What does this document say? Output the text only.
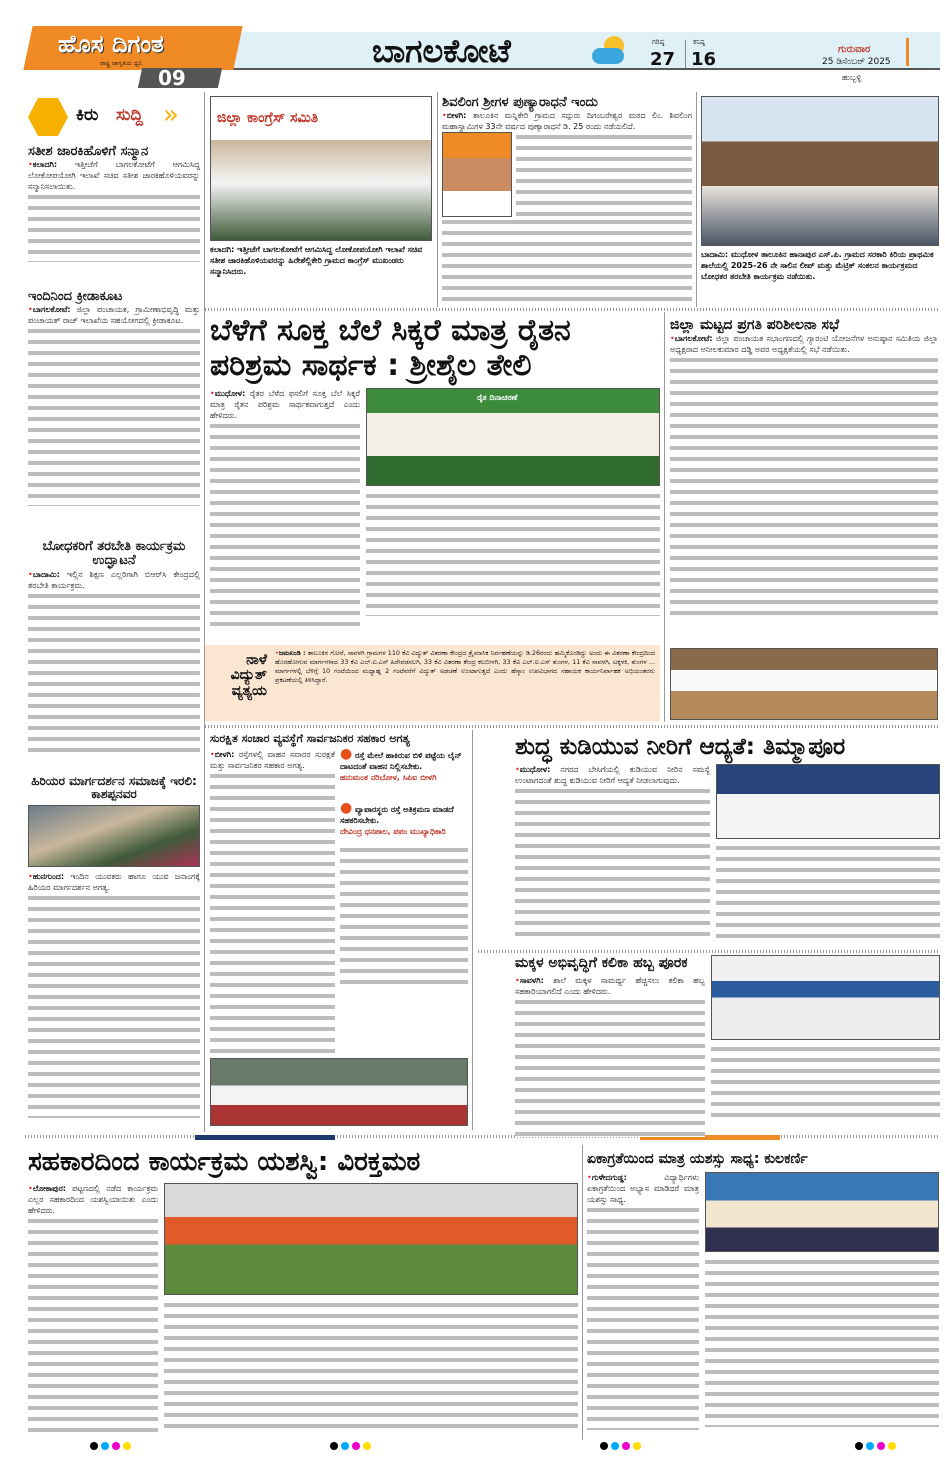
ಹೊಸ ದಿಗಂತ
ರಾಷ್ಟ್ರ ಜಾಗೃತಿಯ ಧ್ವನಿ
09
ಬಾಗಲಕೋಟೆ	ಗರಿಷ್ಠ
27
ಕನಿಷ್ಠ
16	ಗುರುವಾರ
25 ಡಿಸೆಂಬರ್ 2025
ಹುಬ್ಬಳ್ಳಿ
ಕಿರು ಸುದ್ದಿ »
ಸತೀಶ ಜಾರಕಿಹೊಳಿಗೆ ಸನ್ಮಾನ

•ಕಲಾದಗಿ: ಇತ್ತೀಚೆಗೆ ಬಾಗಲಕೋಟೆಗೆ ಆಗಮಿಸಿದ್ದ ಲೋಕೋಪಯೋಗಿ ಇಲಾಖೆ ಸಚಿವ ಸತೀಶ ಜಾರಕಿಹೊಳಿಯವರನ್ನು ಸನ್ಮಾನಿಸಲಾಯಿತು.

ಇಂದಿನಿಂದ ಕ್ರೀಡಾಕೂಟ

•ಬಾಗಲಕೋಟೆ: ಜಿಲ್ಲಾ ಪಂಚಾಯತ, ಗ್ರಾಮೀಣಾಭಿವೃದ್ಧಿ ಮತ್ತು ಪಂಚಾಯತ್ ರಾಜ್ ಇಲಾಖೆಯ ಸಹಯೋಗದಲ್ಲಿ ಕ್ರೀಡಾಕೂಟ.

ಬೋಧಕರಿಗೆ ತರಬೇತಿ ಕಾರ್ಯಕ್ರಮ ಉದ್ಘಾಟನೆ

•ಬಾದಾಮಿ: ಇಲ್ಲಿನ ಶಿಕ್ಷಣ ಎಲ್ಲರಿಗಾಗಿ ಬಿಆರ್‌ಸಿ ಕೇಂದ್ರದಲ್ಲಿ ತರಬೇತಿ ಕಾರ್ಯಕ್ರಮ.

ಹಿರಿಯರ ಮಾರ್ಗದರ್ಶನ ಸಮಾಜಕ್ಕೆ ಇರಲಿ: ಕಾಶಪ್ಪನವರ

•ಹುನಗುಂದ: ಇಂದಿನ ಯುವಕರು ಹಾಗೂ ಯುವ ಜನಾಂಗಕ್ಕೆ ಹಿರಿಯರ ಮಾರ್ಗದರ್ಶನ ಅಗತ್ಯ.

ಜಿಲ್ಲಾ ಕಾಂಗ್ರೆಸ್ ಸಮಿತಿ

ಕಲಾದಗಿ: ಇತ್ತೀಚೆಗೆ ಬಾಗಲಕೋಟೆಗೆ ಆಗಮಿಸಿದ್ದ ಲೋಕೋಪಯೋಗಿ ಇಲಾಖೆ ಸಚಿವ ಸತೀಶ ಜಾರಕಿಹೊಳಿಯವರನ್ನು ಹಿರೇಶೆಲ್ಲಿಕೇರಿ ಗ್ರಾಮದ ಕಾಂಗ್ರೆಸ್ ಮುಖಂಡರು ಸನ್ಮಾನಿಸಿದರು.

ಶಿವಲಿಂಗ ಶ್ರೀಗಳ ಪುಣ್ಯಾರಾಧನೆ ಇಂದು

•ಬೀಳಗಿ: ತಾಲೂಕಿನ ಮನ್ನಿಕೇರಿ ಗ್ರಾಮದ ಸದ್ಗುರು ದಿಗಂಬರೇಶ್ವರ ಮಠದ ಲಿಂ. ಶಿವಲಿಂಗ ಮಹಾಸ್ವಾಮಿಗಳ 33ನೇ ವರ್ಷದ ಪುಣ್ಯಾರಾಧನೆ ಡಿ. 25 ರಂದು ನಡೆಯಲಿದೆ.

ಬಾದಾಮಿ: ಮುಧೋಳ ತಾಲೂಕಿನ ಹಾನಾಪುರ ಎಸ್.ಪಿ. ಗ್ರಾಮದ ಸರಕಾರಿ ಕಿರಿಯ ಪ್ರಾಥಮಿಕ ಶಾಲೆಯಲ್ಲಿ 2025-26 ನೇ ಸಾಲಿನ ಲೀಪ್ ಮತ್ತು ಮೆಟ್ರಿಕ್ ಸಂಕಲನ ಕಾರ್ಯಕ್ರಮದ ಬೋಧಕರ ತರಬೇತಿ ಕಾರ್ಯಕ್ರಮ ನಡೆಯಿತು.

ಬೆಳೆಗೆ ಸೂಕ್ತ ಬೆಲೆ ಸಿಕ್ಕರೆ ಮಾತ್ರ ರೈತನ
ಪರಿಶ್ರಮ ಸಾರ್ಥಕ : ಶ್ರೀಶೈಲ ತೇಲಿ

•ಮುಧೋಳ: ರೈತರ ಬೆಳೆದ ಫಸಲಿಗೆ ಸೂಕ್ತ ಬೆಲೆ ಸಿಕ್ಕರೆ ಮಾತ್ರ ರೈತನ ಪರಿಶ್ರಮ ಸಾರ್ಥಕವಾಗುತ್ತದೆ ಎಂದು ಹೇಳಿದರು.

ರೈತ ದಿನಾಚರಣೆ
ಜಿಲ್ಲಾ ಮಟ್ಟದ ಪ್ರಗತಿ ಪರಿಶೀಲನಾ ಸಭೆ

•ಬಾಗಲಕೋಟೆ: ಜಿಲ್ಲಾ ಪಂಚಾಯತ ಸಭಾಂಗಣದಲ್ಲಿ ಗ್ಯಾರಂಟಿ ಯೋಜನೆಗಳ ಅನುಷ್ಠಾನ ಸಮಿತಿಯ ಜಿಲ್ಲಾ ಅಧ್ಯಕ್ಷರಾದ ಅನೀಲಕುಮಾರ ದಡ್ಡಿ ಅವರ ಅಧ್ಯಕ್ಷತೆಯಲ್ಲಿ ಸಭೆ ನಡೆಯಿತು.

ನಾಳೆ ವಿದ್ಯುತ್ ವ್ಯತ್ಯಯ

•ಜಮಖಂಡಿ : ತಾಲೂಕಿನ ಗೋಠೆ, ಸಾವಳಗಿ ಗ್ರಾಮಗಳ 110 ಕೆವಿ ವಿದ್ಯುತ್ ವಿತರಣಾ ಕೇಂದ್ರದ ತ್ರೈಮಾಸಿಕ ನಿರ್ವಹಣೆಯನ್ನು ಡಿ.26ರಂದು ಹಮ್ಮಿಕೊಂಡಿದ್ದು ಅಂದು ಈ ವಿತರಣಾ ಕೇಂದ್ರದಿಂದ ಹೊರಹೋಗುವ ಮಾರ್ಗಗಳಾದ 33 ಕೆವಿ ಎಲ್.ಐ.ಎಸ್ ಹಿರೇಪಡಸಲಗಿ, 33 ಕೆವಿ ವಿತರಣಾ ಕೇಂದ್ರ ಕಲಬೀಳಗಿ, 33 ಕೆವಿ ಎಲ್.ಐ.ಎಸ್ ತುಂಗಳ, 11 ಕೆವಿ ಸಾವಳಗಿ, ಟಕ್ಕಳಕಿ, ತುಂಗಳ ... ಮಾರ್ಗಗಳಲ್ಲಿ ಬೆಳಿಗ್ಗೆ 10 ಗಂಟೆಯಿಂದ ಮಧ್ಯಾಹ್ನ 2 ಗಂಟೆವರೆಗೆ ವಿದ್ಯುತ್ ಅಡಚಣೆ ಉಂಟಾಗುತ್ತದೆ ಎಂದು ಹೆಸ್ಕಾಂ ಉಪವಿಭಾಗದ ಸಹಾಯಕ ಕಾರ್ಯನಿರ್ವಾಹಕ ಅಭಿಯಂತರರು ಪ್ರಕಟಣೆಯಲ್ಲಿ ತಿಳಿಸಿದ್ದಾರೆ.

ಸುರಕ್ಷಿತ ಸಂಚಾರ ವ್ಯವಸ್ಥೆಗೆ ಸಾರ್ವಜನಿಕರ ಸಹಕಾರ ಅಗತ್ಯ

•ಬೀಳಗಿ: ರಸ್ತೆಗಳಲ್ಲಿ ವಾಹನ ಸವಾರರ ಸುರಕ್ಷತೆ ಮತ್ತು ಸಾರ್ವಜನಿಕರ ಸಹಕಾರ ಅಗತ್ಯ.

● ರಸ್ತೆ ಮೇಲೆ ಹಾಕಿರುವ ಬಿಳಿ ಪಟ್ಟೆಯ ಲೈನ್ ದಾಟದಂತೆ ವಾಹನ ನಿಲ್ಲಿಸಬೇಕು.

ಹನುಮಂತ ನರಿಬೋಳ, ಸಿಪಿಐ ಬೀಳಗಿ

● ವ್ಯಾಪಾರಸ್ಥರು ರಸ್ತೆ ಅತಿಕ್ರಮಣ ಮಾಡದೆ ಸಹಕರಿಸಬೇಕು.

ದೇವಿಂದ್ರ ಧನಪಾಲ, ಪಪಂ ಮುಖ್ಯಾಧಿಕಾರಿ

ಶುದ್ಧ ಕುಡಿಯುವ ನೀರಿಗೆ ಆದ್ಯತೆ: ತಿಮ್ಮಾಪೂರ

•ಮುಧೋಳ: ನಗರದ ಬೇಸಿಗೆಯಲ್ಲಿ ಕುಡಿಯುವ ನೀರಿನ ಸಮಸ್ಯೆ ಉಂಟಾಗದಂತೆ ಶುದ್ಧ ಕುಡಿಯುವ ನೀರಿಗೆ ಆದ್ಯತೆ ನೀಡಲಾಗುವುದು.

ಮಕ್ಕಳ ಅಭಿವೃದ್ಧಿಗೆ ಕಲಿಕಾ ಹಬ್ಬ ಪೂರಕ

•ಸಾವಳಗಿ: ಶಾಲೆ ಮಕ್ಕಳ ಸಾಮರ್ಥ್ಯ ಹೆಚ್ಚಿಸಲು ಕಲಿಕಾ ಹಬ್ಬ ಸಹಕಾರಿಯಾಗಲಿದೆ ಎಂದು ಹೇಳಿದರು.

ಸಹಕಾರದಿಂದ ಕಾರ್ಯಕ್ರಮ ಯಶಸ್ವಿ: ವಿರಕ್ತಮಠ

•ಲೋಕಾಪುರ: ಪಟ್ಟಣದಲ್ಲಿ ನಡೆದ ಕಾರ್ಯಕ್ರಮ ಎಲ್ಲರ ಸಹಕಾರದಿಂದ ಯಶಸ್ವಿಯಾಯಿತು ಎಂದು ಹೇಳಿದರು.

ಏಕಾಗ್ರತೆಯಿಂದ ಮಾತ್ರ ಯಶಸ್ಸು ಸಾಧ್ಯ: ಕುಲಕರ್ಣಿ

•ಗುಳೇದಗುಡ್ಡ:	ವಿದ್ಯಾರ್ಥಿಗಳು ಏಕಾಗ್ರತೆಯಿಂದ ಅಭ್ಯಾಸ ಮಾಡಿದರೆ ಮಾತ್ರ ಯಶಸ್ಸು ಸಾಧ್ಯ.
